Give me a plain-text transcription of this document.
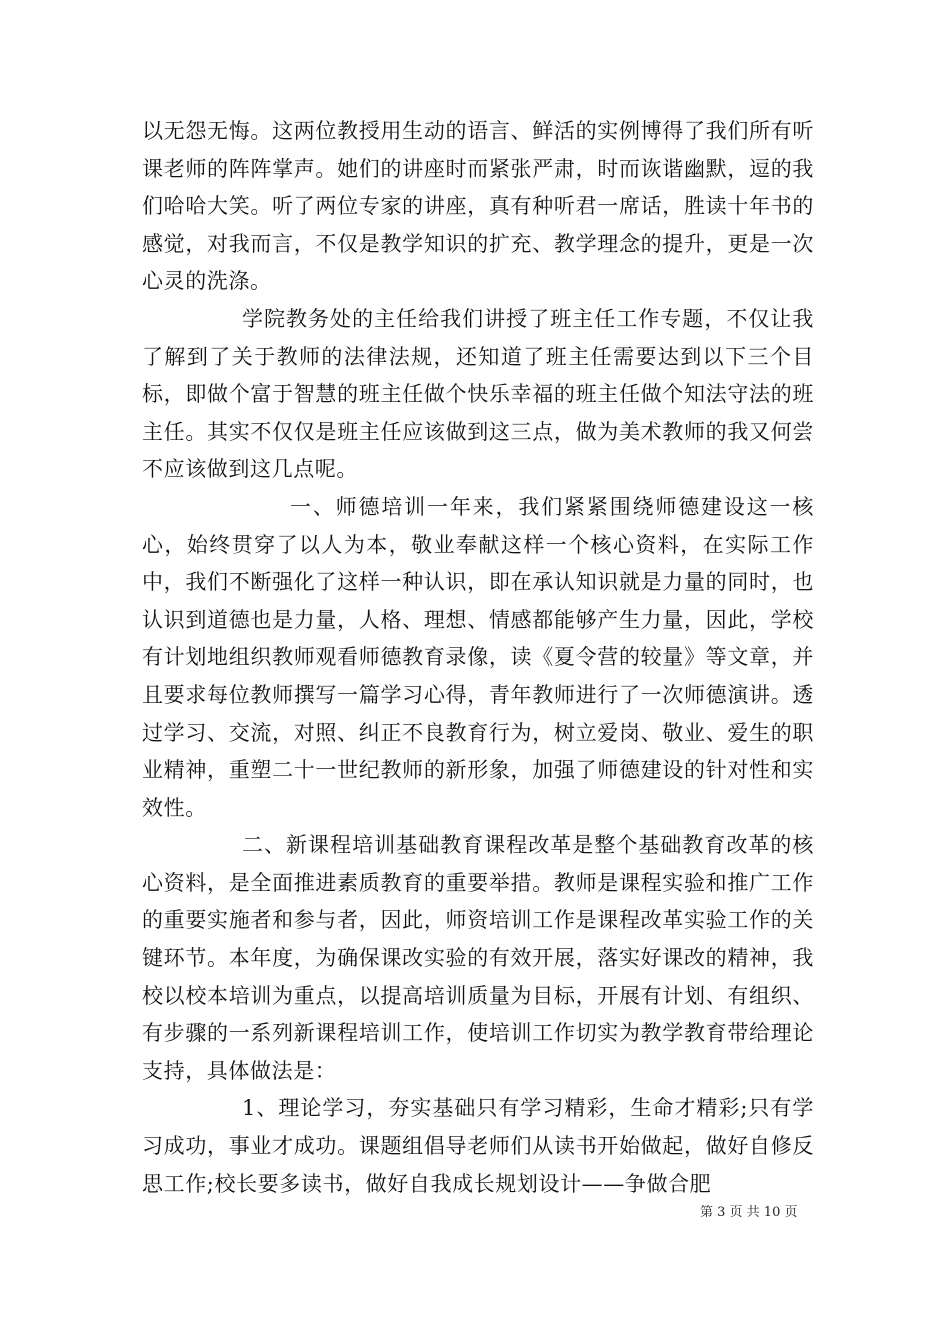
以无怨无悔。这两位教授用生动的语言、鲜活的实例博得了我们所有听课老师的阵阵掌声。她们的讲座时而紧张严肃，时而诙谐幽默，逗的我们哈哈大笑。听了两位专家的讲座，真有种听君一席话，胜读十年书的感觉，对我而言，不仅是教学知识的扩充、教学理念的提升，更是一次心灵的洗涤。

学院教务处的主任给我们讲授了班主任工作专题，不仅让我了解到了关于教师的法律法规，还知道了班主任需要达到以下三个目标，即做个富于智慧的班主任做个快乐幸福的班主任做个知法守法的班主任。其实不仅仅是班主任应该做到这三点，做为美术教师的我又何尝不应该做到这几点呢。

一、师德培训一年来，我们紧紧围绕师德建设这一核心，始终贯穿了以人为本，敬业奉献这样一个核心资料，在实际工作中，我们不断强化了这样一种认识，即在承认知识就是力量的同时，也认识到道德也是力量，人格、理想、情感都能够产生力量，因此，学校有计划地组织教师观看师德教育录像，读《夏令营的较量》等文章，并且要求每位教师撰写一篇学习心得，青年教师进行了一次师德演讲。透过学习、交流，对照、纠正不良教育行为，树立爱岗、敬业、爱生的职业精神，重塑二十一世纪教师的新形象，加强了师德建设的针对性和实效性。

二、新课程培训基础教育课程改革是整个基础教育改革的核心资料，是全面推进素质教育的重要举措。教师是课程实验和推广工作的重要实施者和参与者，因此，师资培训工作是课程改革实验工作的关键环节。本年度，为确保课改实验的有效开展，落实好课改的精神，我校以校本培训为重点，以提高培训质量为目标，开展有计划、有组织、有步骤的一系列新课程培训工作，使培训工作切实为教学教育带给理论支持，具体做法是：

1、理论学习，夯实基础只有学习精彩，生命才精彩;只有学习成功，事业才成功。课题组倡导老师们从读书开始做起，做好自修反思工作;校长要多读书，做好自我成长规划设计——争做合肥

第 3 页 共 10 页
